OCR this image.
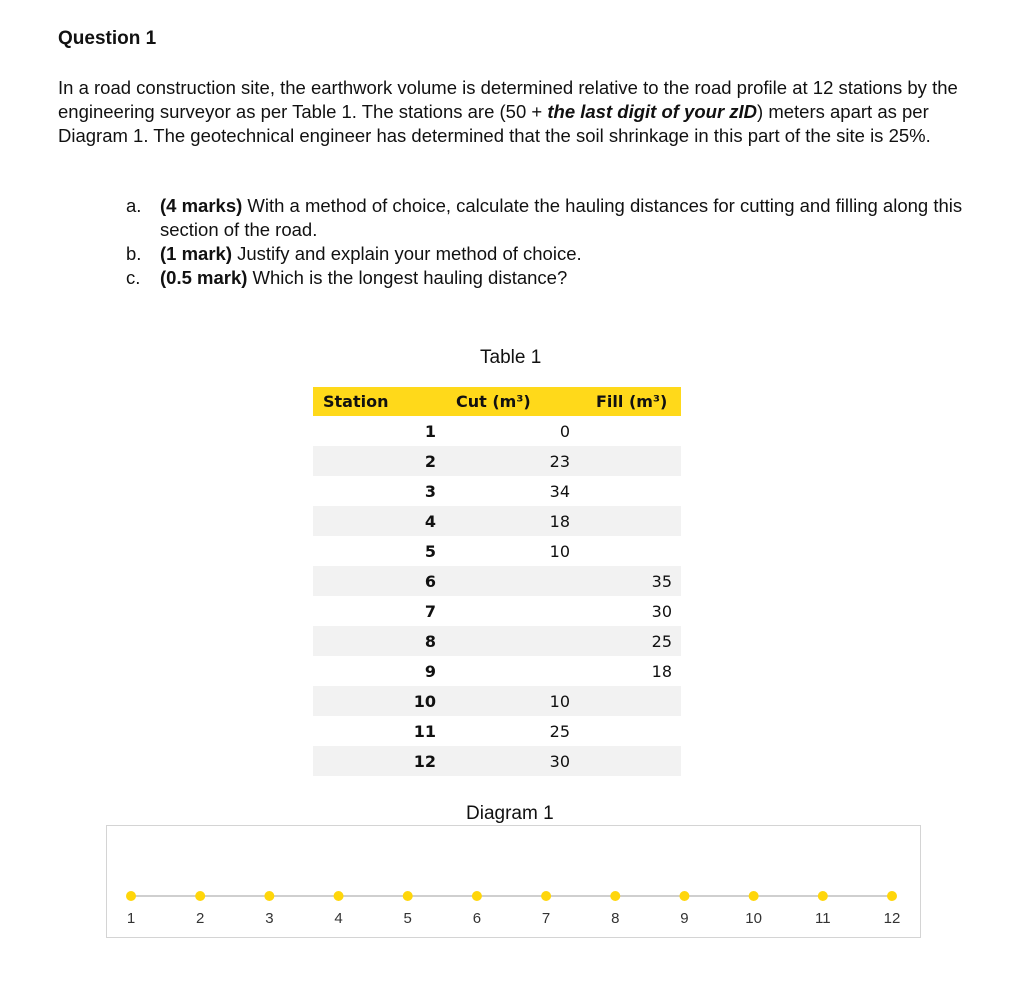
Question 1
In a road construction site, the earthwork volume is determined relative to the road profile at 12 stations by the engineering surveyor as per Table 1. The stations are (50 + the last digit of your zID) meters apart as per Diagram 1. The geotechnical engineer has determined that the soil shrinkage in this part of the site is 25%.
a.	(4 marks) With a method of choice, calculate the hauling distances for cutting and filling along this section of the road.
b.	(1 mark) Justify and explain your method of choice.
c.	(0.5 mark) Which is the longest hauling distance?
Table 1
Station	Cut (m³)	Fill (m³)
1	0	
2	23	
3	34	
4	18	
5	10	
6		35
7		30
8		25
9		18
10	10	
11	25	
12	30	
Diagram 1
1	2	3	4	5	6	7	8	9	10	11	12
